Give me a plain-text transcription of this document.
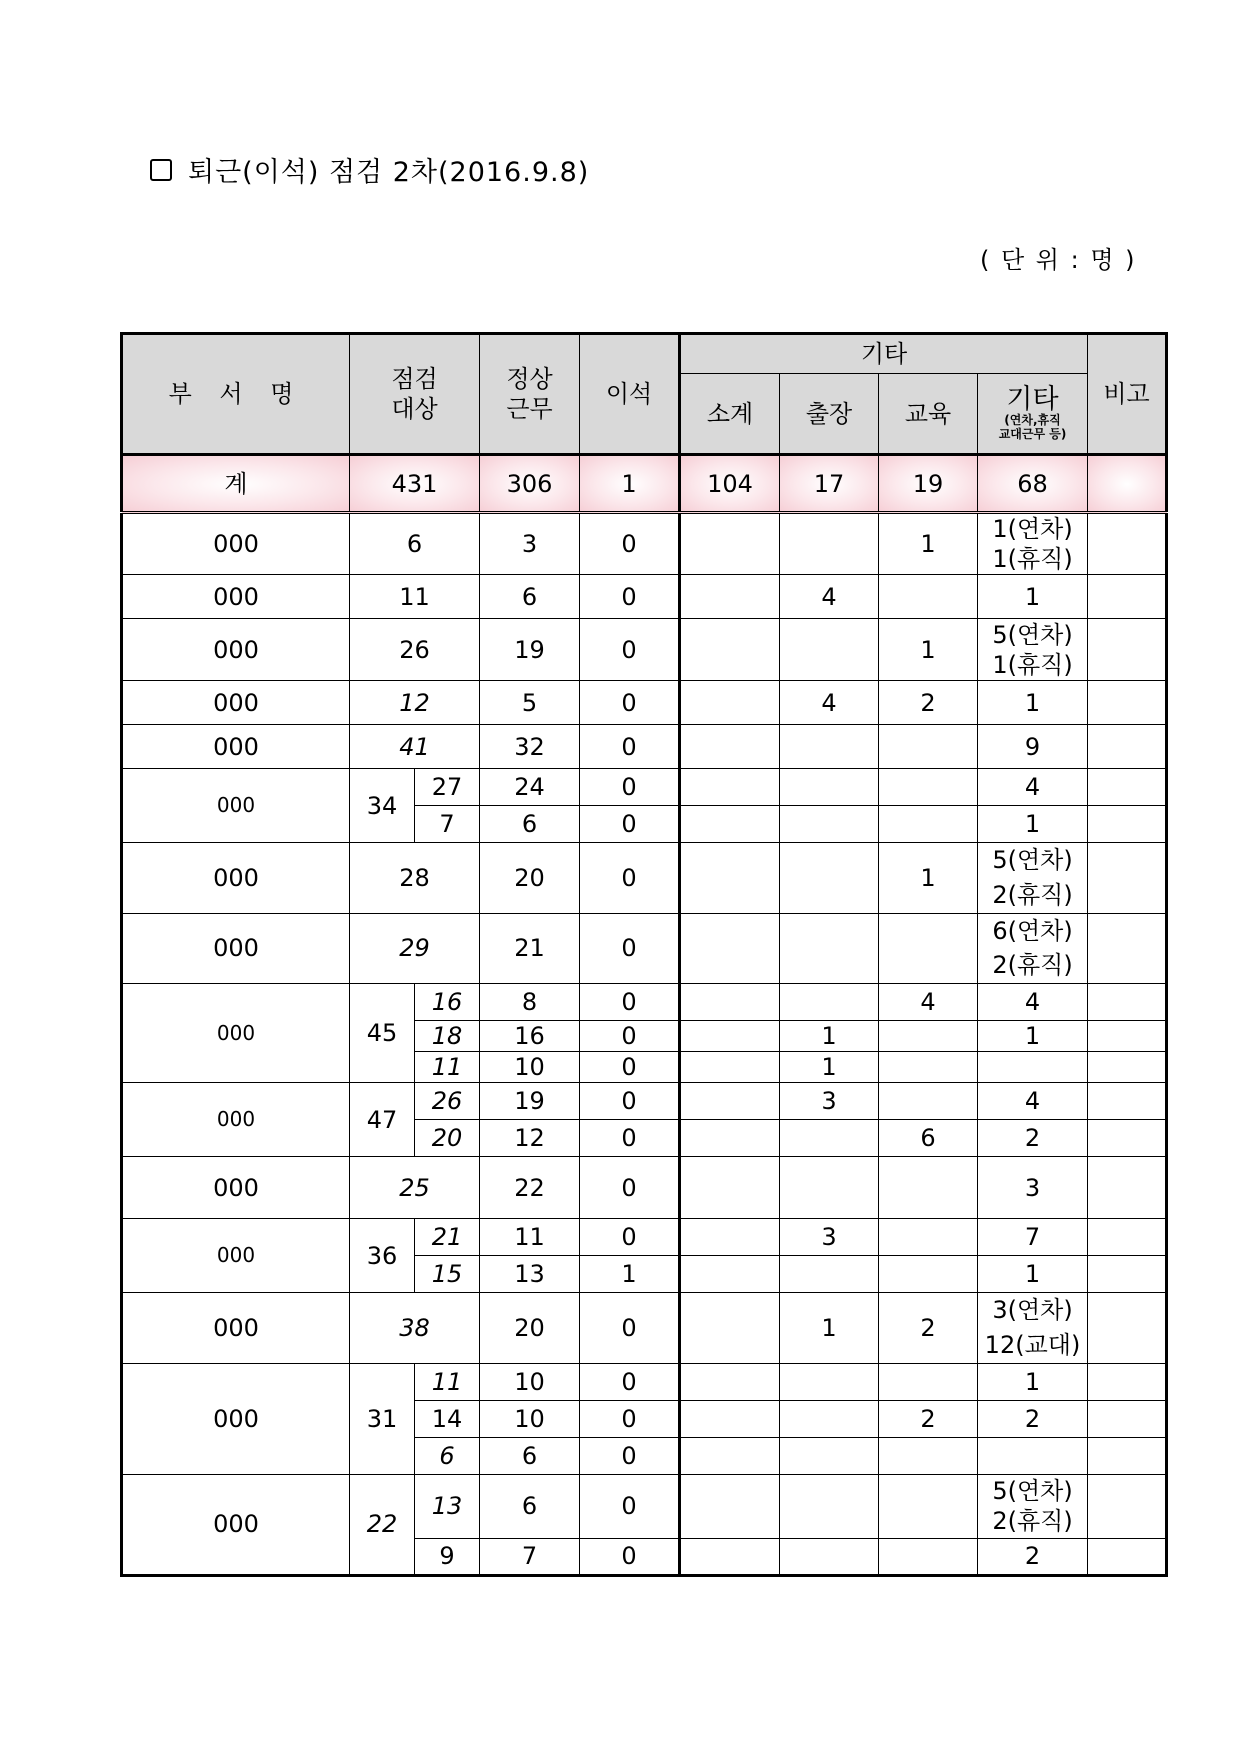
퇴근(이석) 점검 2차(2016.9.8)
( 단 위 : 명 )
부 서 명	점검
대상		정상
근무	이석	기타				비고
					소계	출장	교육	기타
(연차,휴직
교대근무 등)	

계	431		306	1	104	17	19	68	
000	6		3	0			1	1(연차)
1(휴직)	
000	11		6	0		4		1	
000	26		19	0			1	5(연차)
1(휴직)	
000	12		5	0		4	2	1	
000	41		32	0				9	
000	34	27	24	0				4	
		7	6	0				1	
000	28		20	0			1	5(연차)
2(휴직)	
000	29		21	0				6(연차)
2(휴직)	
000	45	16	8	0			4	4	
		18	16	0		1		1	
		11	10	0		1			
000	47	26	19	0		3		4	
		20	12	0			6	2	
000	25		22	0				3	
000	36	21	11	0		3		7	
		15	13	1				1	
000	38		20	0		1	2	3(연차)
12(교대)	
000	31	11	10	0				1	
		14	10	0			2	2	
		6	6	0					
000	22	13	6	0				5(연차)
2(휴직)	
		9	7	0				2	
